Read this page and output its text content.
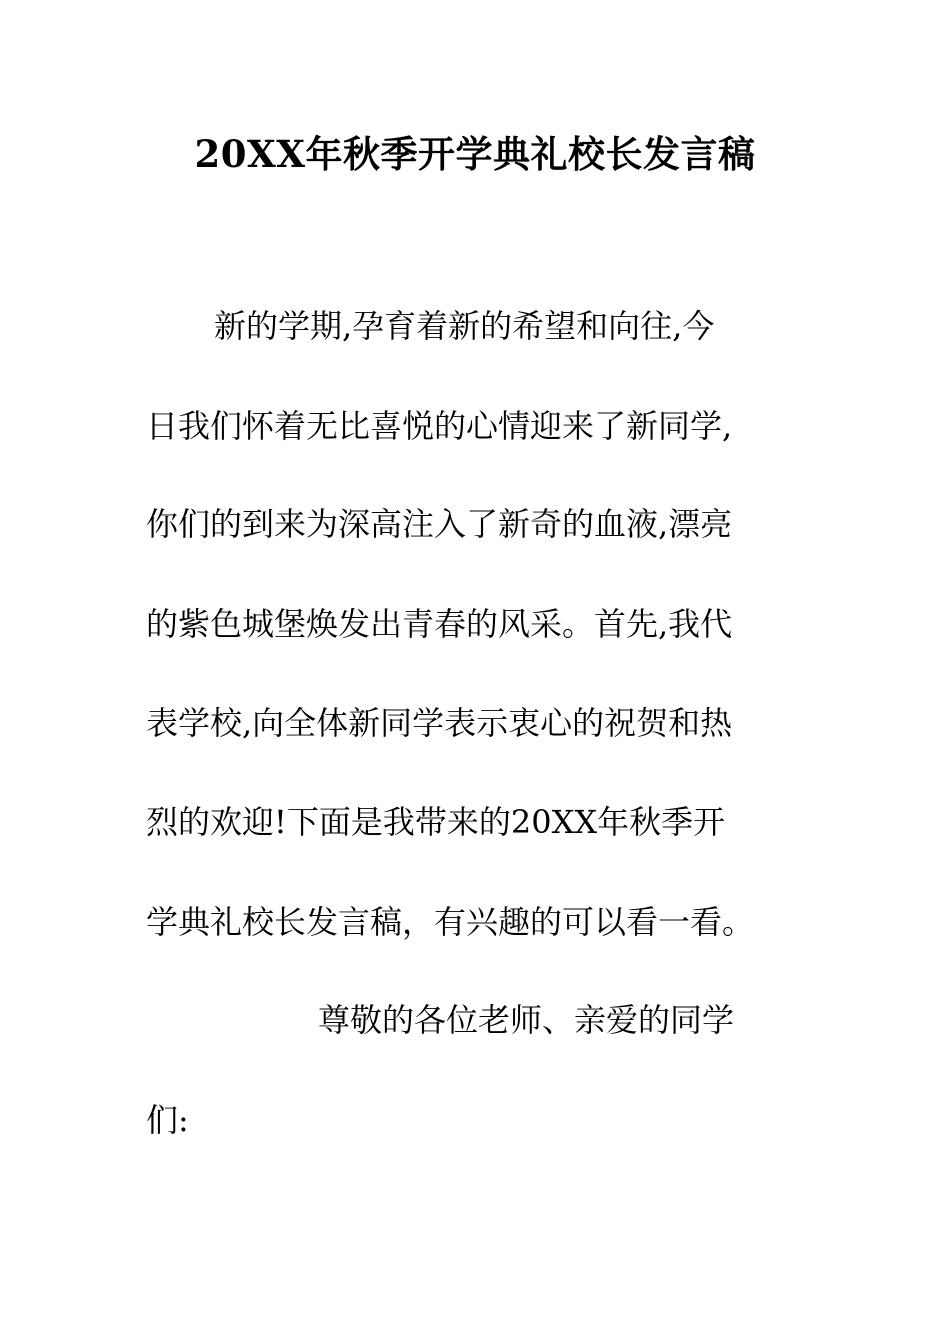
20XX年秋季开学典礼校长发言稿
新的学期,孕育着新的希望和向往,今
日我们怀着无比喜悦的心情迎来了新同学,
你们的到来为深高注入了新奇的血液,漂亮
的紫色城堡焕发出青春的风采。首先,我代
表学校,向全体新同学表示衷心的祝贺和热
烈的欢迎!下面是我带来的20XX年秋季开
学典礼校长发言稿，有兴趣的可以看一看。
尊敬的各位老师、亲爱的同学
们:
